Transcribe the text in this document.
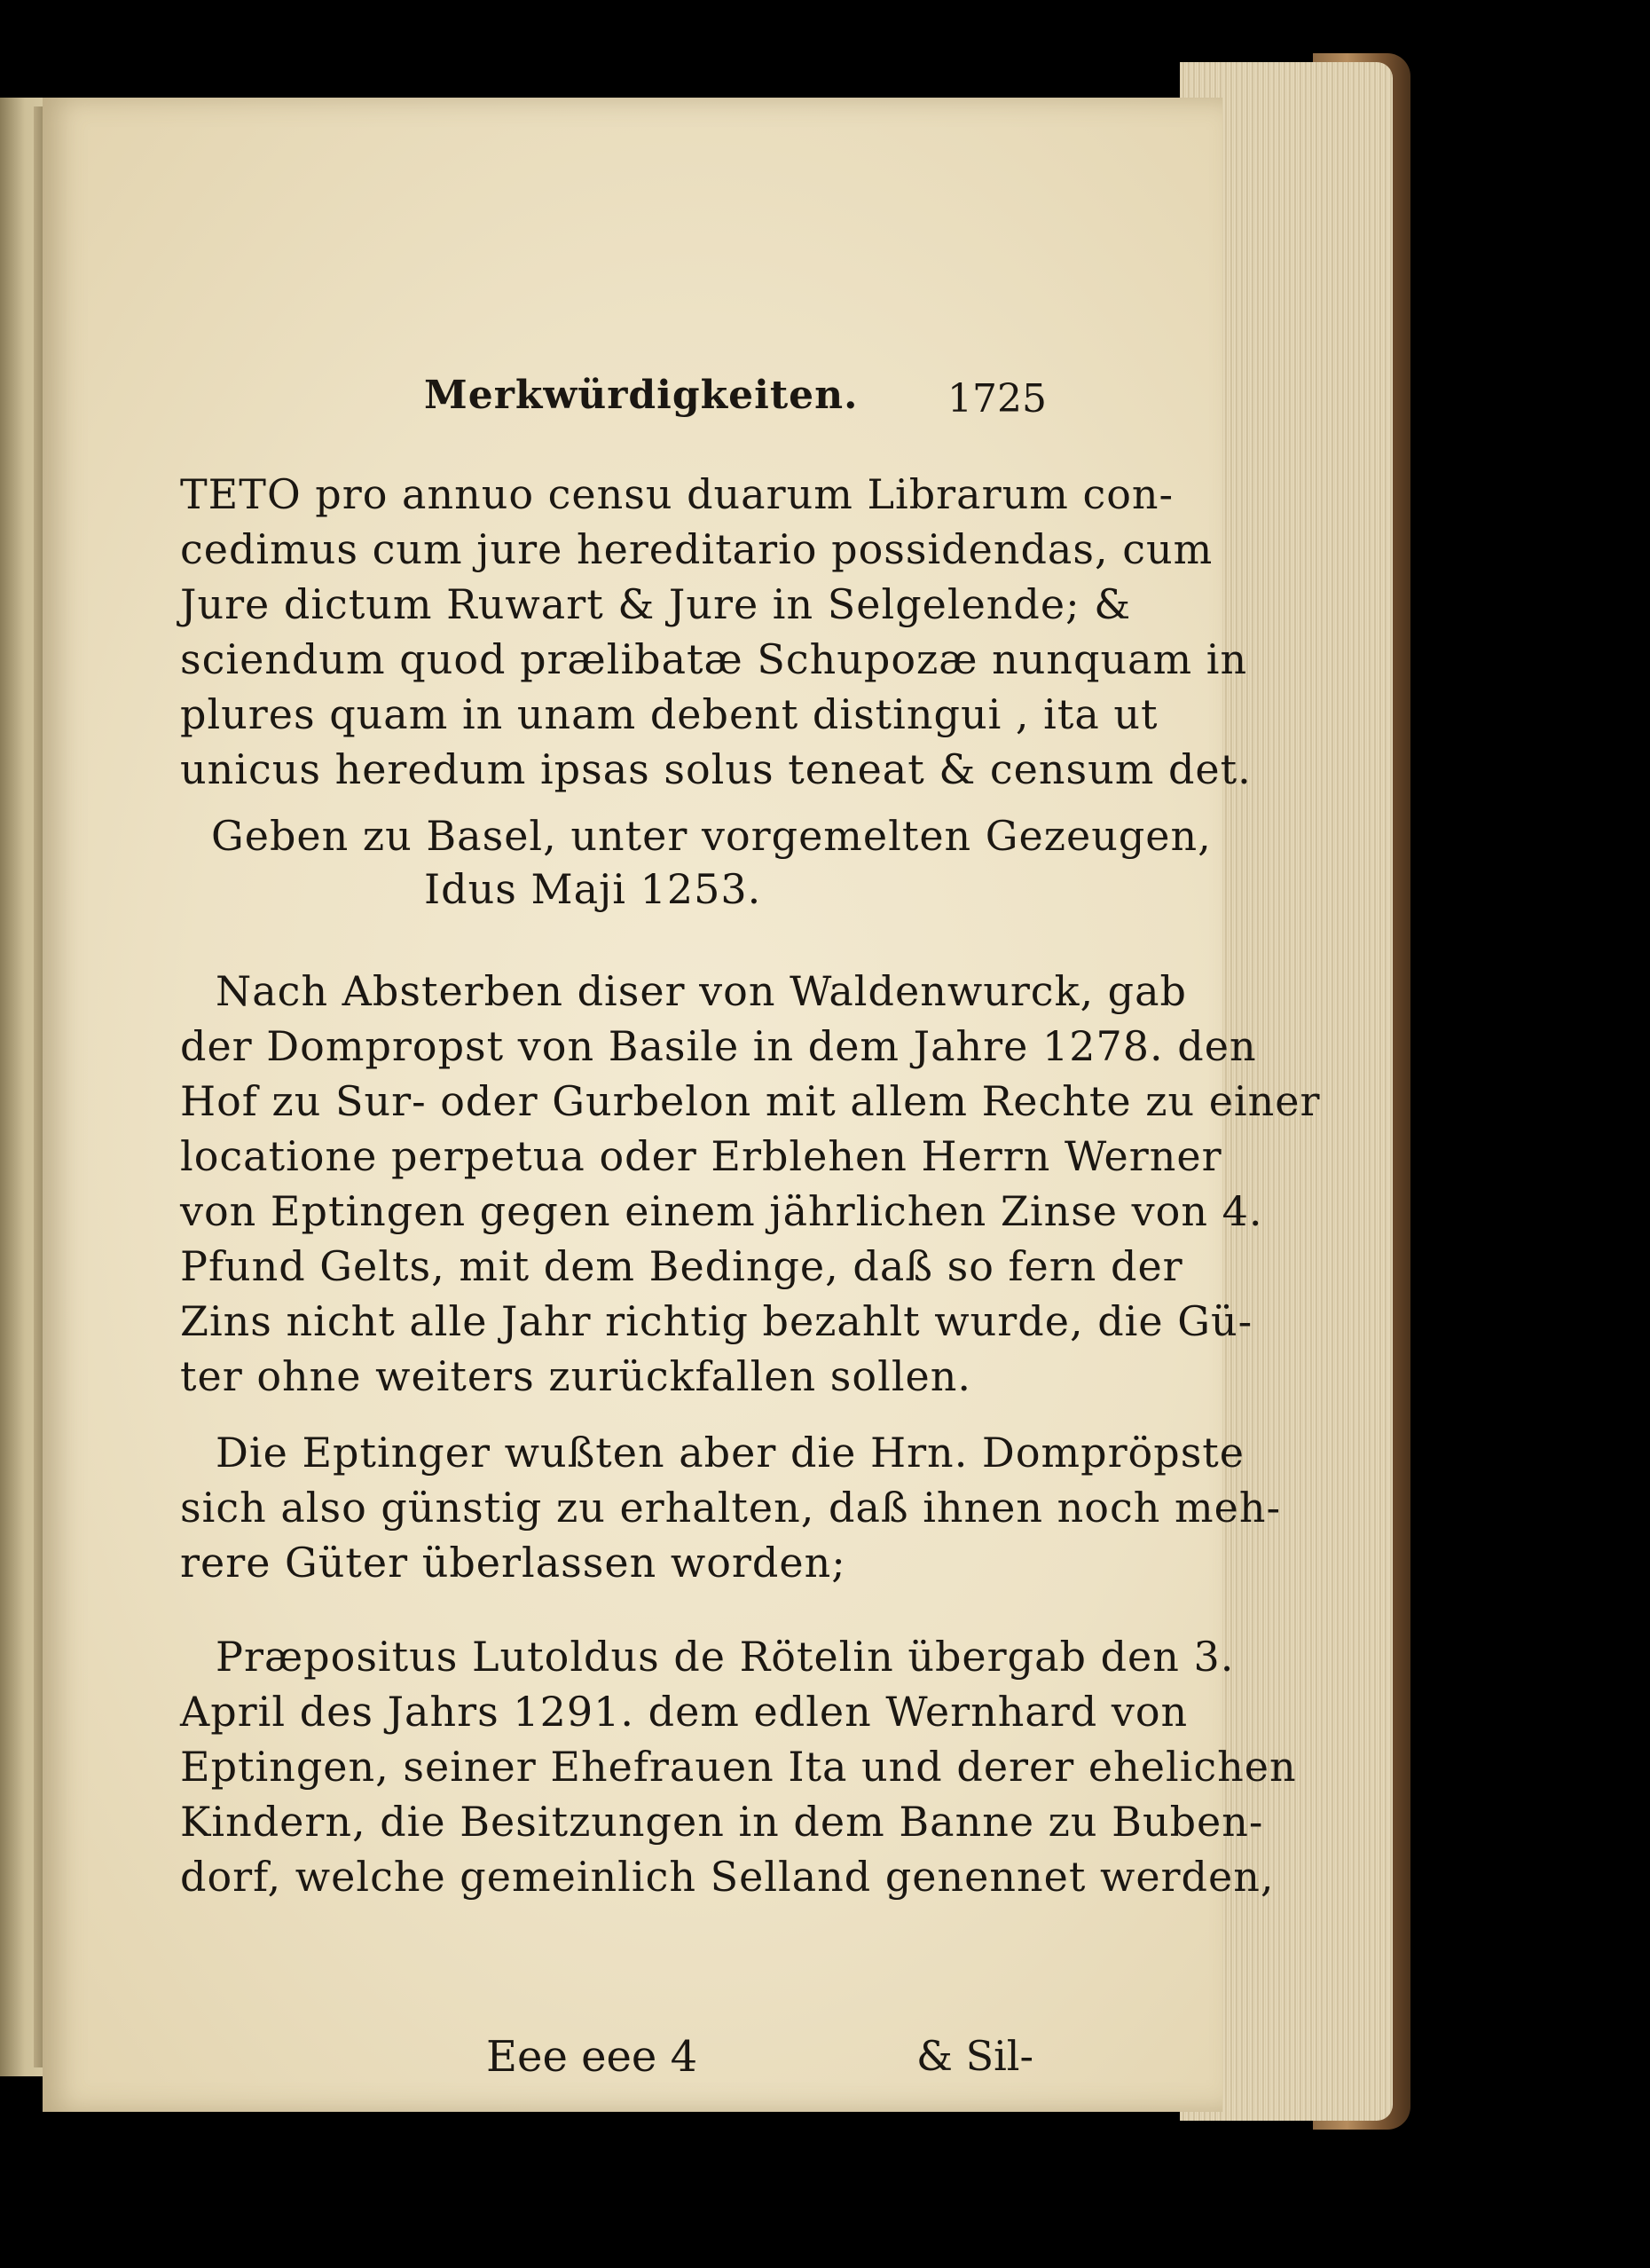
Merkwürdigkeiten. 1725
TETO pro annuo censu duarum Librarum con-
cedimus cum jure hereditario possidendas, cum
Jure dictum Ruwart & Jure in Selgelende; &
sciendum quod prælibatæ Schupozæ nunquam in
plures quam in unam debent distingui , ita ut
unicus heredum ipsas solus teneat & censum det.
Geben zu Basel, unter vorgemelten Gezeugen,
Idus Maji 1253.
Nach Absterben diser von Waldenwurck, gab
der Dompropst von Basile in dem Jahre 1278. den
Hof zu Sur- oder Gurbelon mit allem Rechte zu einer
locatione perpetua oder Erblehen Herrn Werner
von Eptingen gegen einem jährlichen Zinse von 4.
Pfund Gelts, mit dem Bedinge, daß so fern der
Zins nicht alle Jahr richtig bezahlt wurde, die Gü-
ter ohne weiters zurückfallen sollen.
Die Eptinger wußten aber die Hrn. Dompröpste
sich also günstig zu erhalten, daß ihnen noch meh-
rere Güter überlassen worden;
Præpositus Lutoldus de Rötelin übergab den 3.
April des Jahrs 1291. dem edlen Wernhard von
Eptingen, seiner Ehefrauen Ita und derer ehelichen
Kindern, die Besitzungen in dem Banne zu Buben-
dorf, welche gemeinlich Selland genennet werden,
Eee eee 4	& Sil-
